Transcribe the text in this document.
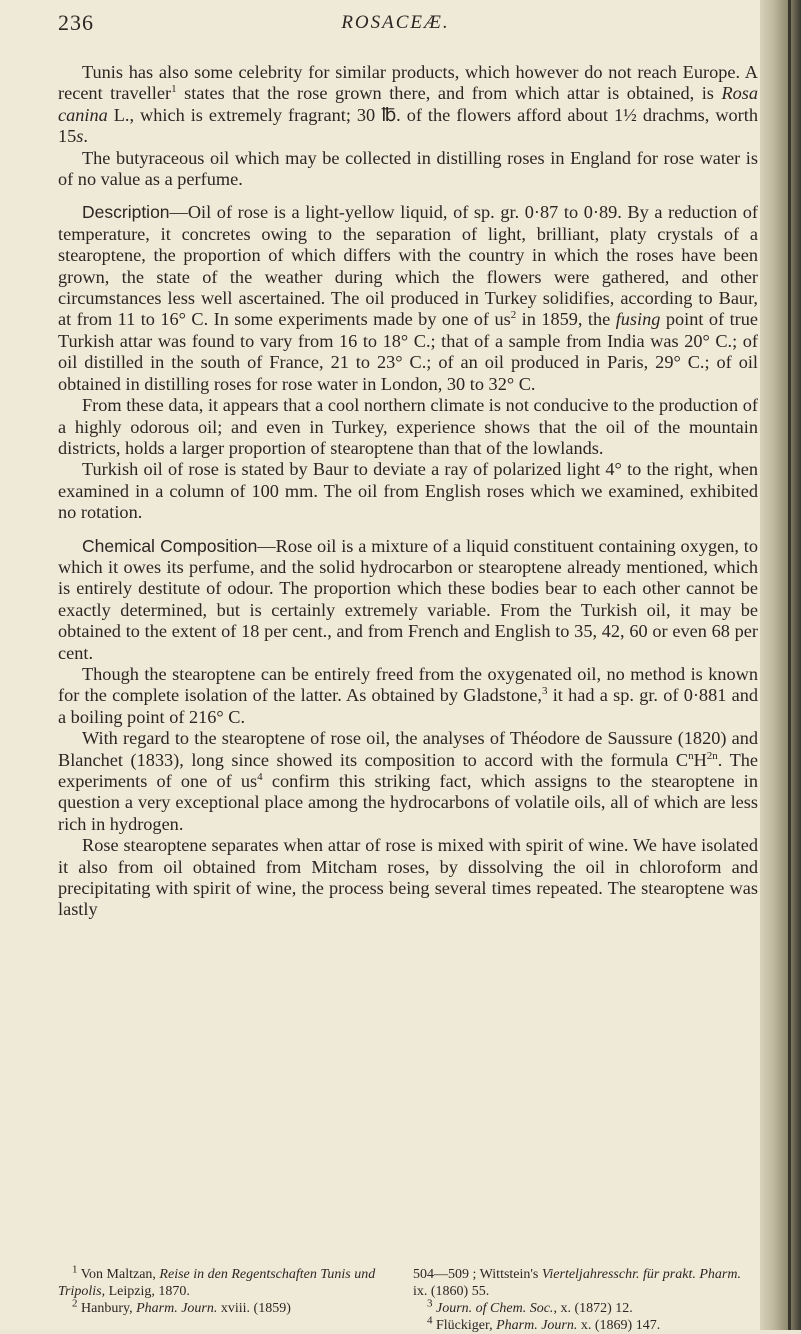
236	ROSACEÆ.

Tunis has also some celebrity for similar products, which however do not reach Europe. A recent traveller$^1$ states that the rose grown there, and from which attar is obtained, is Rosa canina L., which is extremely fragrant; 30 ℔. of the flowers afford about 1½ drachms, worth 15s.

The butyraceous oil which may be collected in distilling roses in England for rose water is of no value as a perfume.

Description—Oil of rose is a light-yellow liquid, of sp. gr. 0·87 to 0·89. By a reduction of temperature, it concretes owing to the separation of light, brilliant, platy crystals of a stearoptene, the proportion of which differs with the country in which the roses have been grown, the state of the weather during which the flowers were gathered, and other circumstances less well ascertained. The oil produced in Turkey solidifies, according to Baur, at from 11 to 16° C. In some experiments made by one of $us^2$ in 1859, the fusing point of true Turkish attar was found to vary from 16 to 18° C.; that of a sample from India was 20° C.; of oil distilled in the south of France, 21 to 23° C.; of an oil produced in Paris, 29° C.; of oil obtained in distilling roses for rose water in London, 30 to 32° C.

From these data, it appears that a cool northern climate is not conducive to the production of a highly odorous oil; and even in Turkey, experience shows that the oil of the mountain districts, holds a larger proportion of stearoptene than that of the lowlands.

Turkish oil of rose is stated by Baur to deviate a ray of polarized light 4° to the right, when examined in a column of 100 mm. The oil from English roses which we examined, exhibited no rotation.

Chemical Composition—Rose oil is a mixture of a liquid constituent containing oxygen, to which it owes its perfume, and the solid hydrocarbon or stearoptene already mentioned, which is entirely destitute of odour. The proportion which these bodies bear to each other cannot be exactly determined, but is certainly extremely variable. From the Turkish oil, it may be obtained to the extent of 18 per cent., and from French and English to 35, 42, 60 or even 68 per cent.

Though the stearoptene can be entirely freed from the oxygenated oil, no method is known for the complete isolation of the latter. As obtained by Gladstone,$^3$ it had a sp. gr. of 0·881 and a boiling point of 216° C.

With regard to the stearoptene of rose oil, the analyses of Théodore de Saussure (1820) and Blanchet (1833), long since showed its composition to accord with the formula $C^nH^{2n}$. The experiments of one of $us^4$ confirm this striking fact, which assigns to the stearoptene in question a very exceptional place among the hydrocarbons of volatile oils, all of which are less rich in hydrogen.

Rose stearoptene separates when attar of rose is mixed with spirit of wine. We have isolated it also from oil obtained from Mitcham roses, by dissolving the oil in chloroform and precipitating with spirit of wine, the process being several times repeated. The stearoptene was lastly

$^1$ Von Maltzan, Reise in den Regentschaften Tunis und Tripolis, Leipzig, 1870.

$^2$ Hanbury, Pharm. Journ. xviii. (1859)

504—509 ; Wittstein's Vierteljahresschr. für prakt. Pharm. ix. (1860) 55.

$^3$ Journ. of Chem. Soc., x. (1872) 12.

$^4$ Flückiger, Pharm. Journ. x. (1869) 147.
